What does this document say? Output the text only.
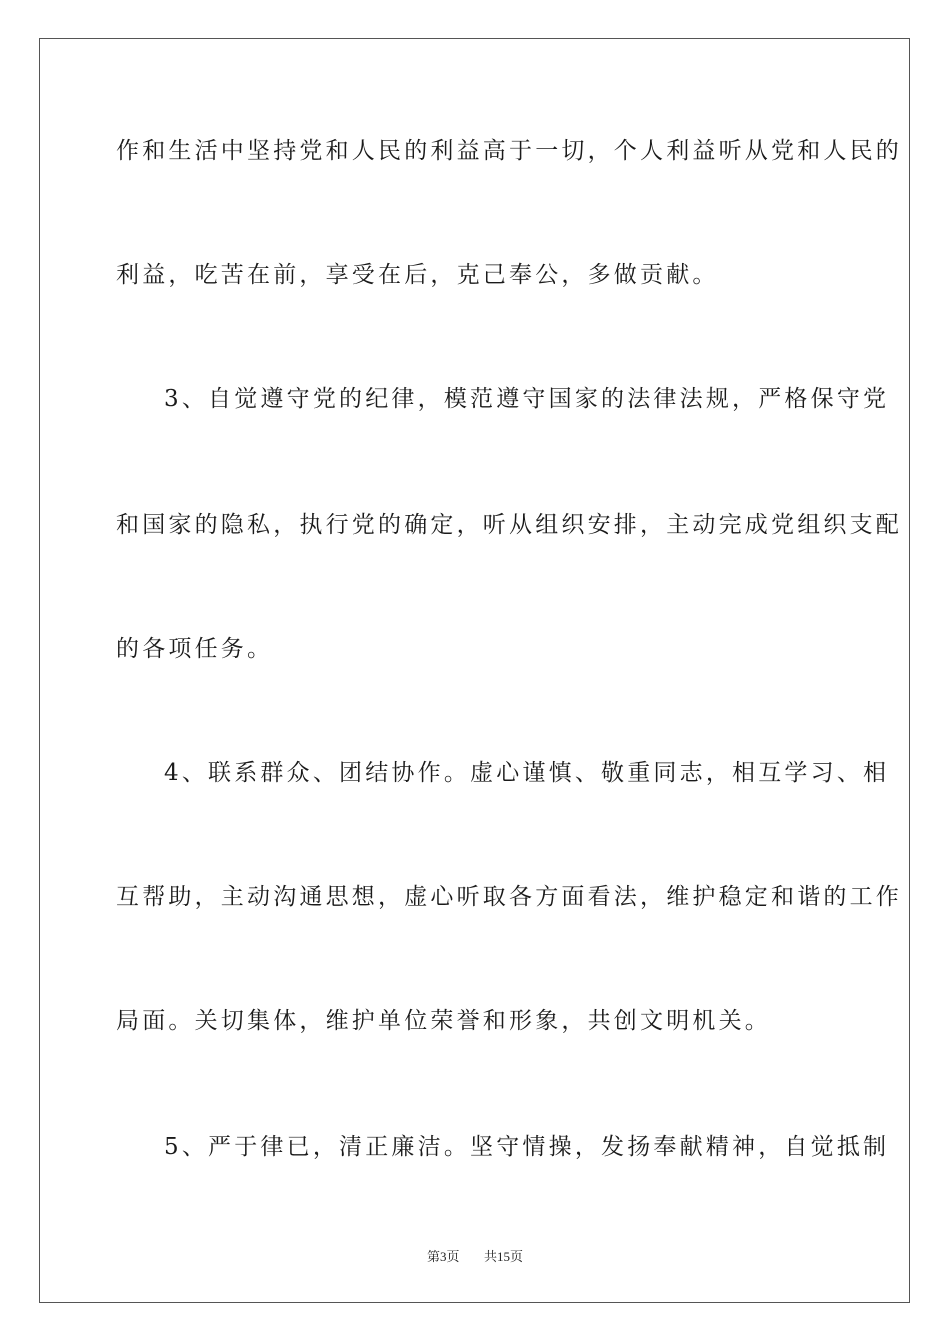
作和生活中坚持党和人民的利益高于一切，个人利益听从党和人民的
利益，吃苦在前，享受在后，克己奉公，多做贡献。
3、自觉遵守党的纪律，模范遵守国家的法律法规，严格保守党
和国家的隐私，执行党的确定，听从组织安排，主动完成党组织支配
的各项任务。
4、联系群众、团结协作。虚心谨慎、敬重同志，相互学习、相
互帮助，主动沟通思想，虚心听取各方面看法，维护稳定和谐的工作
局面。关切集体，维护单位荣誉和形象，共创文明机关。
5、严于律已，清正廉洁。坚守情操，发扬奉献精神，自觉抵制
第3页 共15页
